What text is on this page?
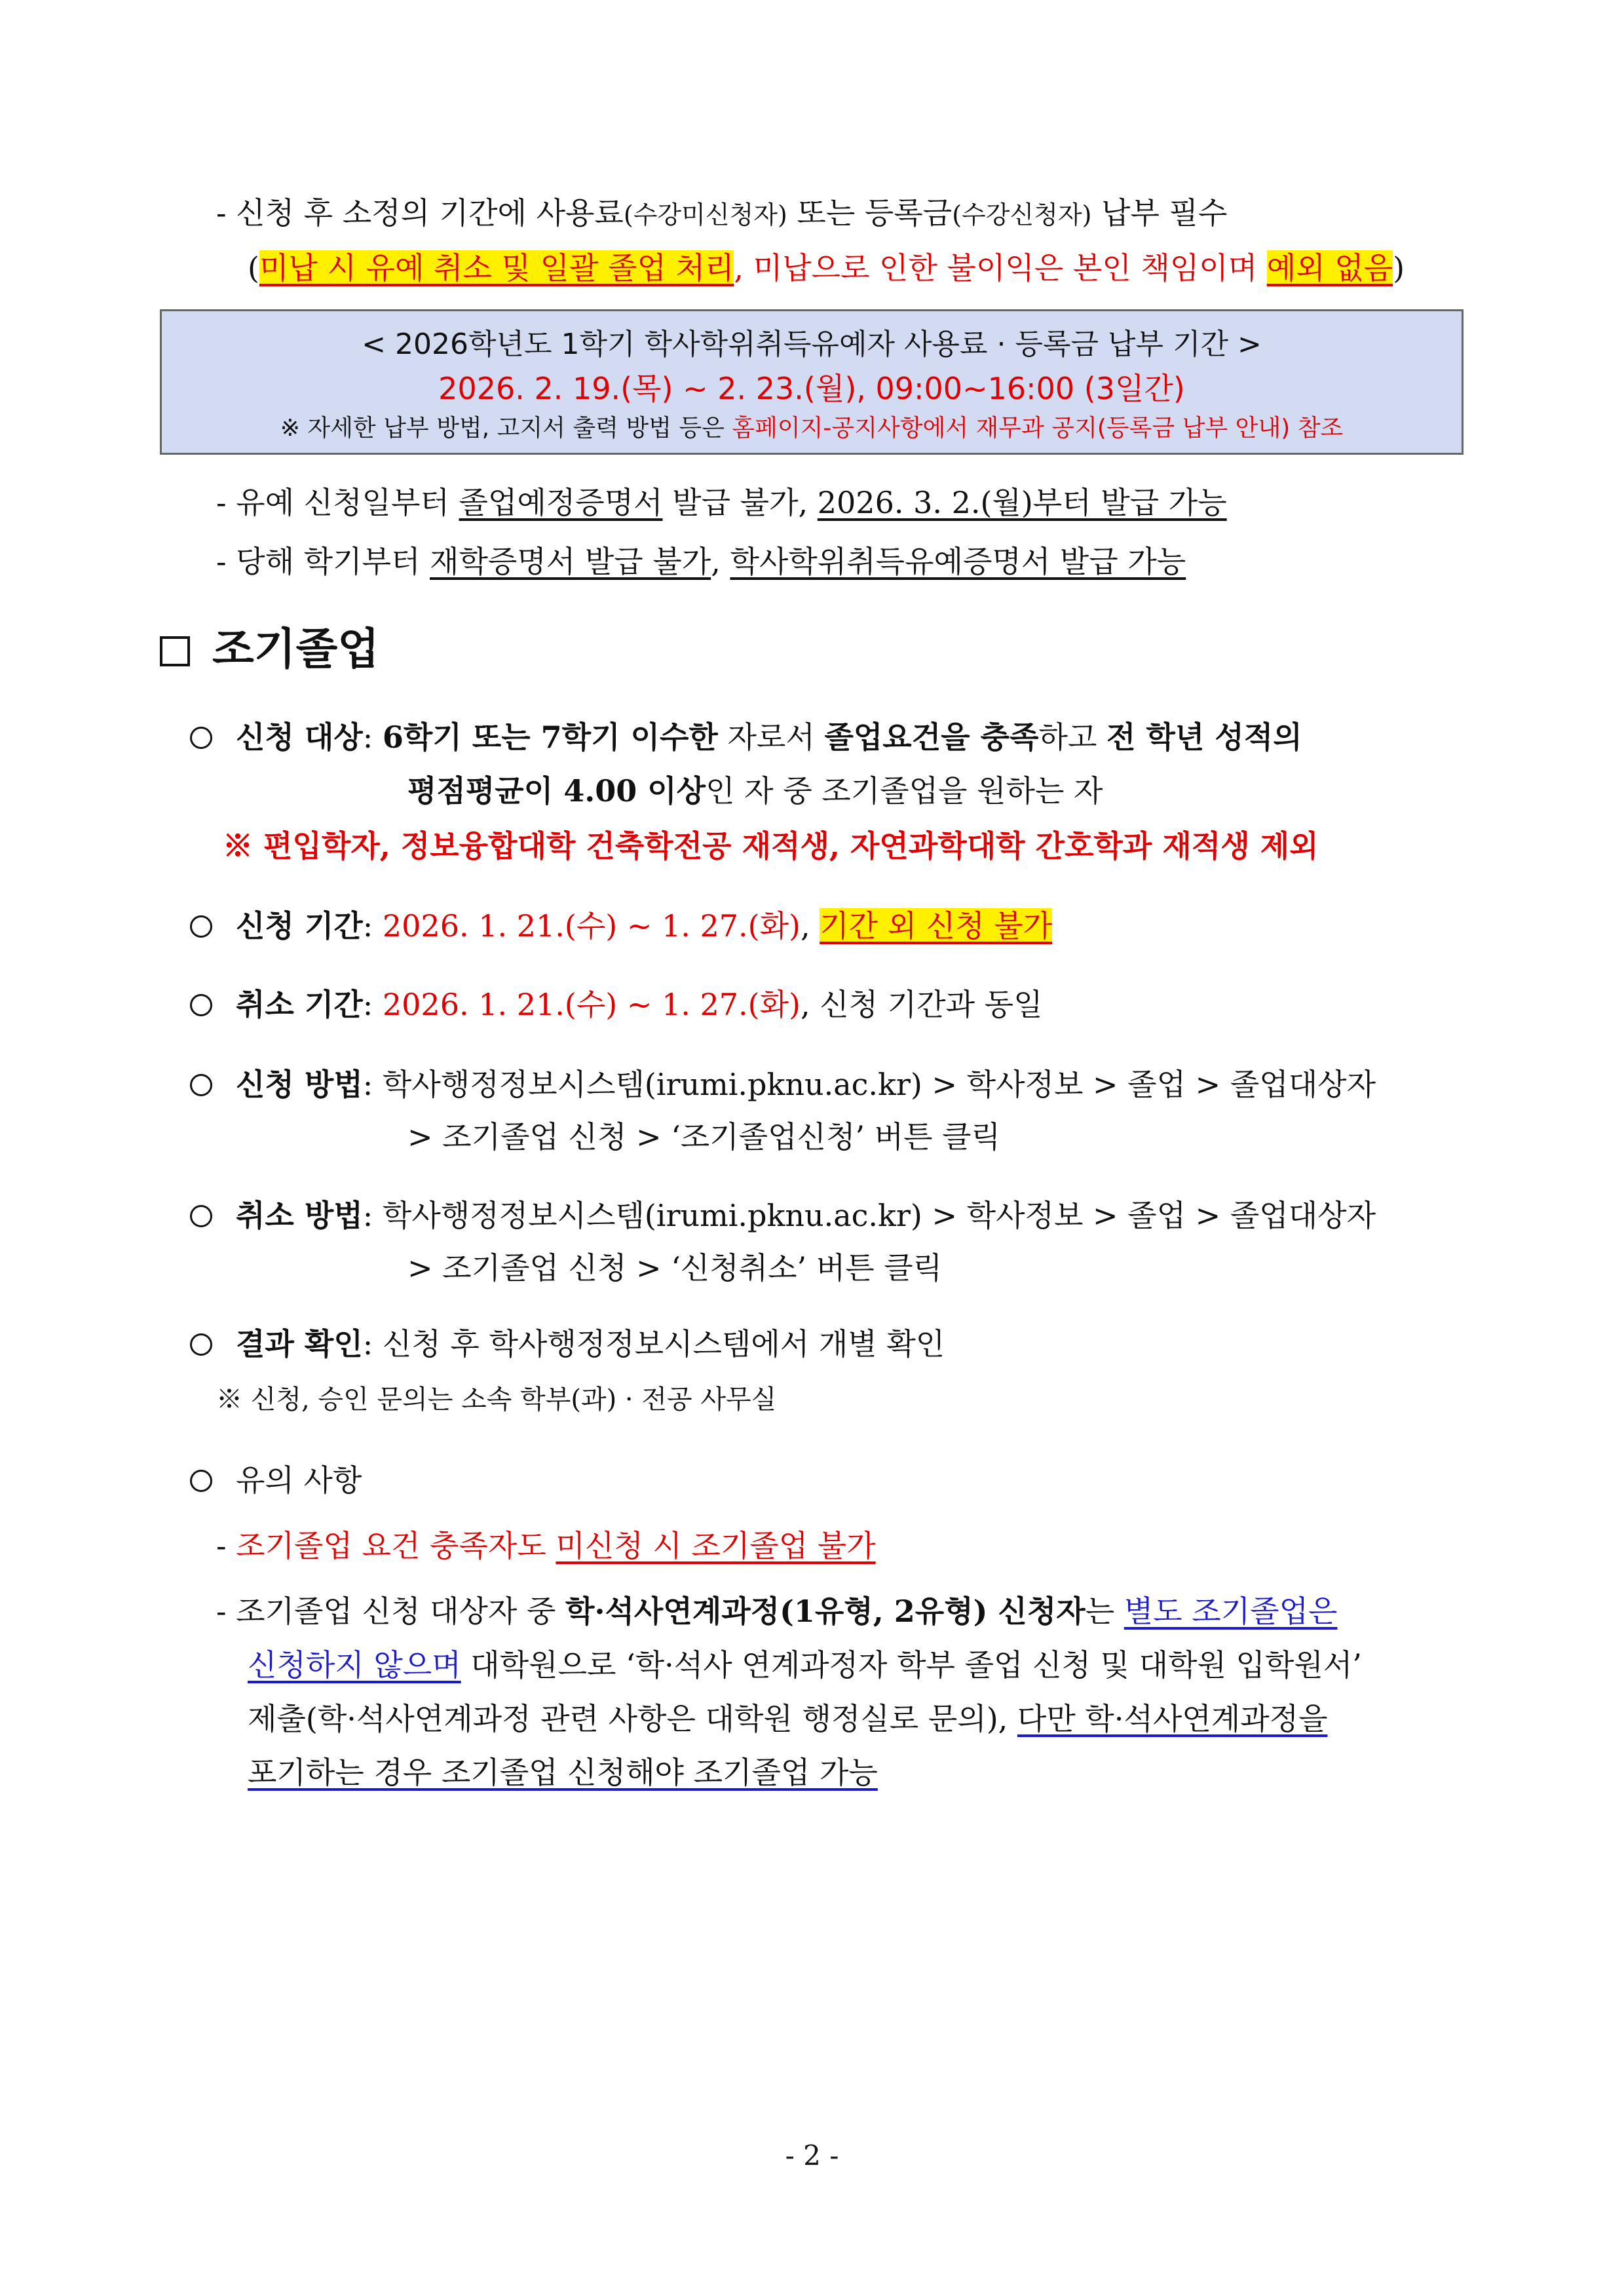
- 신청 후 소정의 기간에 사용료(수강미신청자) 또는 등록금(수강신청자) 납부 필수
(미납 시 유예 취소 및 일괄 졸업 처리, 미납으로 인한 불이익은 본인 책임이며 예외 없음)
< 2026학년도 1학기 학사학위취득유예자 사용료 · 등록금 납부 기간 >
2026. 2. 19.(목) ~ 2. 23.(월), 09:00~16:00 (3일간)
※ 자세한 납부 방법, 고지서 출력 방법 등은 홈페이지-공지사항에서 재무과 공지(등록금 납부 안내) 참조
- 유예 신청일부터 졸업예정증명서 발급 불가, 2026. 3. 2.(월)부터 발급 가능
- 당해 학기부터 재학증명서 발급 불가, 학사학위취득유예증명서 발급 가능
조기졸업
신청 대상: 6학기 또는 7학기 이수한 자로서 졸업요건을 충족하고 전 학년 성적의
평점평균이 4.00 이상인 자 중 조기졸업을 원하는 자
※ 편입학자, 정보융합대학 건축학전공 재적생, 자연과학대학 간호학과 재적생 제외
신청 기간: 2026. 1. 21.(수) ~ 1. 27.(화), 기간 외 신청 불가
취소 기간: 2026. 1. 21.(수) ~ 1. 27.(화), 신청 기간과 동일
신청 방법: 학사행정정보시스템(irumi.pknu.ac.kr) > 학사정보 > 졸업 > 졸업대상자
> 조기졸업 신청 > ‘조기졸업신청’ 버튼 클릭
취소 방법: 학사행정정보시스템(irumi.pknu.ac.kr) > 학사정보 > 졸업 > 졸업대상자
> 조기졸업 신청 > ‘신청취소’ 버튼 클릭
결과 확인: 신청 후 학사행정정보시스템에서 개별 확인
※ 신청, 승인 문의는 소속 학부(과) · 전공 사무실
유의 사항
- 조기졸업 요건 충족자도 미신청 시 조기졸업 불가
- 조기졸업 신청 대상자 중 학·석사연계과정(1유형, 2유형) 신청자는 별도 조기졸업은
신청하지 않으며 대학원으로 ‘학·석사 연계과정자 학부 졸업 신청 및 대학원 입학원서’
제출(학·석사연계과정 관련 사항은 대학원 행정실로 문의), 다만 학·석사연계과정을
포기하는 경우 조기졸업 신청해야 조기졸업 가능
- 2 -
